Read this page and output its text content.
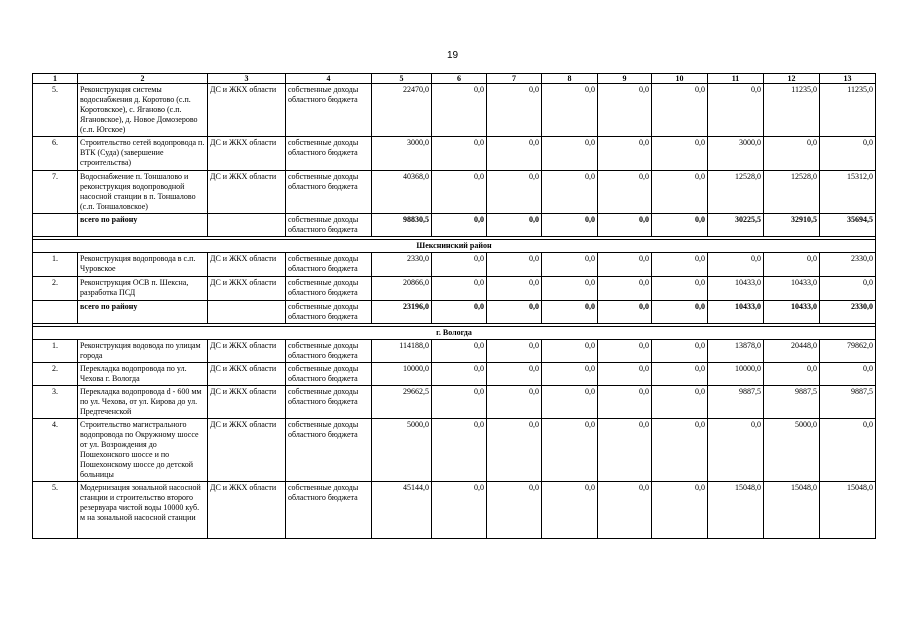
19
1	2	3	4	5	6	7	8	9	10	11	12	13
5.	Реконструкция системы водоснабжения д. Коротово (с.п. Коротовское), с. Яганово (с.п. Ягановское), д. Новое Домозерово (с.п. Югское)	ДС и ЖКХ области	собственные доходы областного бюджета	22470,0	0,0	0,0	0,0	0,0	0,0	0,0	11235,0	11235,0
6.	Строительство сетей водопровода п. ВТК (Суда) (завершение строительства)	ДС и ЖКХ области	собственные доходы областного бюджета	3000,0	0,0	0,0	0,0	0,0	0,0	3000,0	0,0	0,0
7.	Водоснабжение п. Тоншалово и реконструкция водопроводной насосной станции в п. Тоншалово (с.п. Тоншаловское)	ДС и ЖКХ области	собственные доходы областного бюджета	40368,0	0,0	0,0	0,0	0,0	0,0	12528,0	12528,0	15312,0
	всего по району		собственные доходы областного бюджета	98830,5	0,0	0,0	0,0	0,0	0,0	30225,5	32910,5	35694,5

Шекснинский район												
1.	Реконструкция водопровода в с.п. Чуровское	ДС и ЖКХ области	собственные доходы областного бюджета	2330,0	0,0	0,0	0,0	0,0	0,0	0,0	0,0	2330,0
2.	Реконструкция ОСВ п. Шексна, разработка ПСД	ДС и ЖКХ области	собственные доходы областного бюджета	20866,0	0,0	0,0	0,0	0,0	0,0	10433,0	10433,0	0,0
	всего по району		собственные доходы областного бюджета	23196,0	0,0	0,0	0,0	0,0	0,0	10433,0	10433,0	2330,0

г. Вологда												
1.	Реконструкция водовода по улицам города	ДС и ЖКХ области	собственные доходы областного бюджета	114188,0	0,0	0,0	0,0	0,0	0,0	13878,0	20448,0	79862,0
2.	Перекладка водопровода по ул. Чехова г. Вологда	ДС и ЖКХ области	собственные доходы областного бюджета	10000,0	0,0	0,0	0,0	0,0	0,0	10000,0	0,0	0,0
3.	Перекладка водопровода d - 600 мм по ул. Чехова, от ул. Кирова до ул. Предтеченской	ДС и ЖКХ области	собственные доходы областного бюджета	29662,5	0,0	0,0	0,0	0,0	0,0	9887,5	9887,5	9887,5
4.	Строительство магистрального водопровода по Окружному шоссе от ул. Возрождения до Пошехонского шоссе и по Пошехонскому шоссе до детской больницы	ДС и ЖКХ области	собственные доходы областного бюджета	5000,0	0,0	0,0	0,0	0,0	0,0	0,0	5000,0	0,0
5.	Модернизация зональной насосной станции и строительство второго резервуара чистой воды 10000 куб. м на зональной насосной станции	ДС и ЖКХ области	собственные доходы областного бюджета	45144,0	0,0	0,0	0,0	0,0	0,0	15048,0	15048,0	15048,0
